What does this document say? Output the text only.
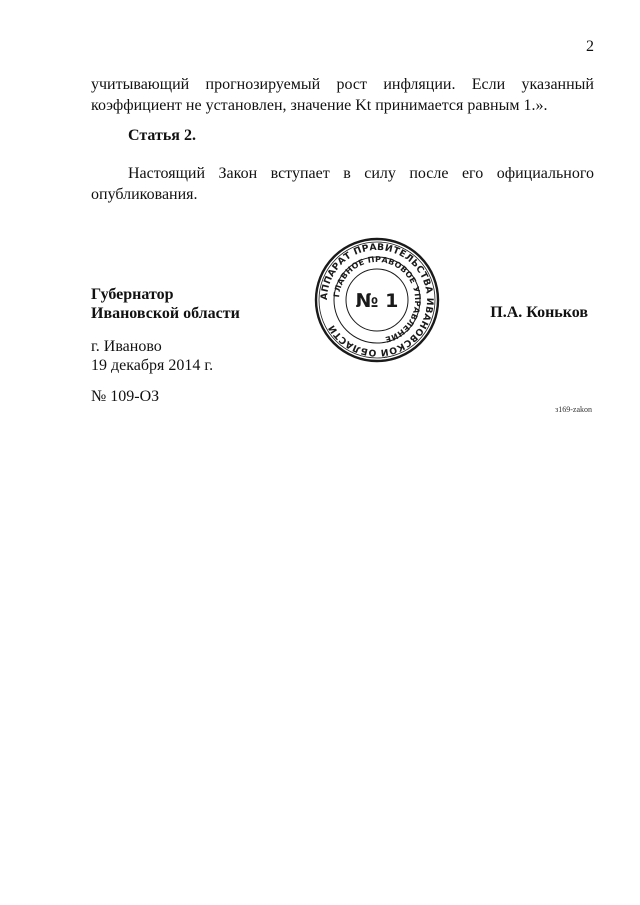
2
учитывающий прогнозируемый рост инфляции. Если указанный
коэффициент не установлен, значение Kt принимается равным 1.».
Статья 2.
Настоящий Закон вступает в силу после его официального
опубликования.
Губернатор
Ивановской области	П.А. Коньков
АППАРАТ ПРАВИТЕЛЬСТВА ИВАНОВСКОЙ ОБЛАСТИ
ГЛАВНОЕ ПРАВОВОЕ УПРАВЛЕНИЕ
№ 1
г. Иваново
19 декабря 2014 г.
№ 109-ОЗ
з169-zakon
